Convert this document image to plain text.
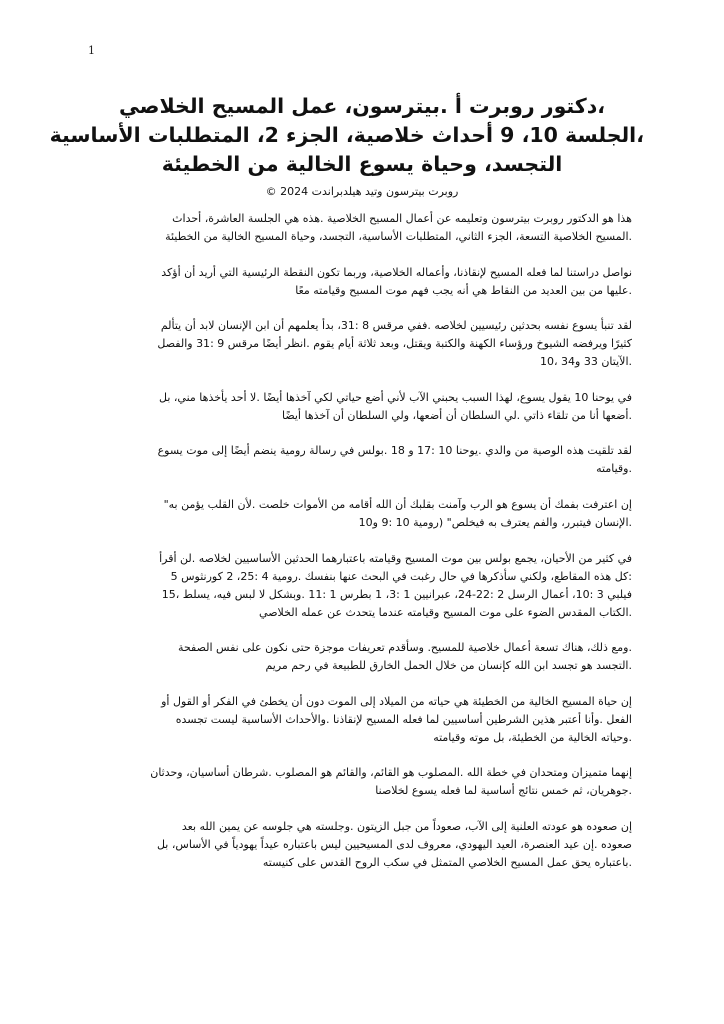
1
،دكتور روبرت أ .بيترسون، عمل المسيح الخلاصي
،الجلسة 10، 9 أحداث خلاصية، الجزء 2، المتطلبات الأساسية
التجسد، وحياة يسوع الخالية من الخطيئة
روبرت بيترسون وتيد هيلدبراندت 2024 ©

هذا هو الدكتور روبرت بيترسون وتعليمه عن أعمال المسيح الخلاصية .هذه هي الجلسة العاشرة، أحداث
.المسيح الخلاصية التسعة، الجزء الثاني، المتطلبات الأساسية، التجسد، وحياة المسيح الخالية من الخطيئة

نواصل دراستنا لما فعله المسيح لإنقاذنا، وأعماله الخلاصية، وربما تكون النقطة الرئيسية التي أريد أن أؤكد
.عليها من بين العديد من النقاط هي أنه يجب فهم موت المسيح وقيامته معًا

لقد تنبأ يسوع نفسه بحدثين رئيسيين لخلاصه .ففي مرقس 8 :31، بدأ يعلمهم أن ابن الإنسان لابد أن يتألم
كثيرًا ويرفضه الشيوخ ورؤساء الكهنة والكتبة ويقتل، وبعد ثلاثة أيام يقوم .انظر أيضًا مرقس 9 :31 والفصل
.الآيتان 33 و34 ،10

في يوحنا 10 يقول يسوع، لهذا السبب يحبني الآب لأني أضع حياتي لكي آخذها أيضًا .لا أحد يأخذها مني، بل
.أضعها أنا من تلقاء ذاتي .لي السلطان أن أضعها، ولي السلطان أن آخذها أيضًا

لقد تلقيت هذه الوصية من والدي .يوحنا 10 :17 و 18 .بولس في رسالة رومية ينضم أيضًا إلى موت يسوع
.وقيامته

إن اعترفت بفمك أن يسوع هو الرب وآمنت بقلبك أن الله أقامه من الأموات خلصت .لأن القلب يؤمن به"
.الإنسان فيتبرر، والفم يعترف به فيخلص" (رومية 10 :9 و10

في كثير من الأحيان، يجمع بولس بين موت المسيح وقيامته باعتبارهما الحدثين الأساسيين لخلاصه .لن أقرأ
:كل هذه المقاطع، ولكني سأذكرها في حال رغبت في البحث عنها بنفسك .رومية 4 :25، 2 كورنثوس 5
فيلبي 3 :10، أعمال الرسل 2 :22-24، عبرانيين 1 :3، 1 بطرس 1 :11 .وبشكل لا لبس فيه، يسلط ،15
.الكتاب المقدس الضوء على موت المسيح وقيامته عندما يتحدث عن عمله الخلاصي

.ومع ذلك، هناك تسعة أعمال خلاصية للمسيح. وسأقدم تعريفات موجزة حتى نكون على نفس الصفحة
.التجسد هو تجسد ابن الله كإنسان من خلال الحمل الخارق للطبيعة في رحم مريم

إن حياة المسيح الخالية من الخطيئة هي حياته من الميلاد إلى الموت دون أن يخطئ في الفكر أو القول أو
الفعل .وأنا أعتبر هذين الشرطين أساسيين لما فعله المسيح لإنقاذنا .والأحداث الأساسية ليست تجسده
.وحياته الخالية من الخطيئة، بل موته وقيامته

إنهما متميزان ومتحدان في خطة الله .المصلوب هو القائم، والقائم هو المصلوب .شرطان أساسيان، وحدثان
.جوهريان، ثم خمس نتائج أساسية لما فعله يسوع لخلاصنا

إن صعوده هو عودته العلنية إلى الآب، صعوداً من جبل الزيتون .وجلسته هي جلوسه عن يمين الله بعد
صعوده .إن عيد العنصرة، العيد اليهودي، معروف لدى المسيحيين ليس باعتباره عيداً يهودياً في الأساس، بل
.باعتباره يحق عمل المسيح الخلاصي المتمثل في سكب الروح القدس على كنيسته
